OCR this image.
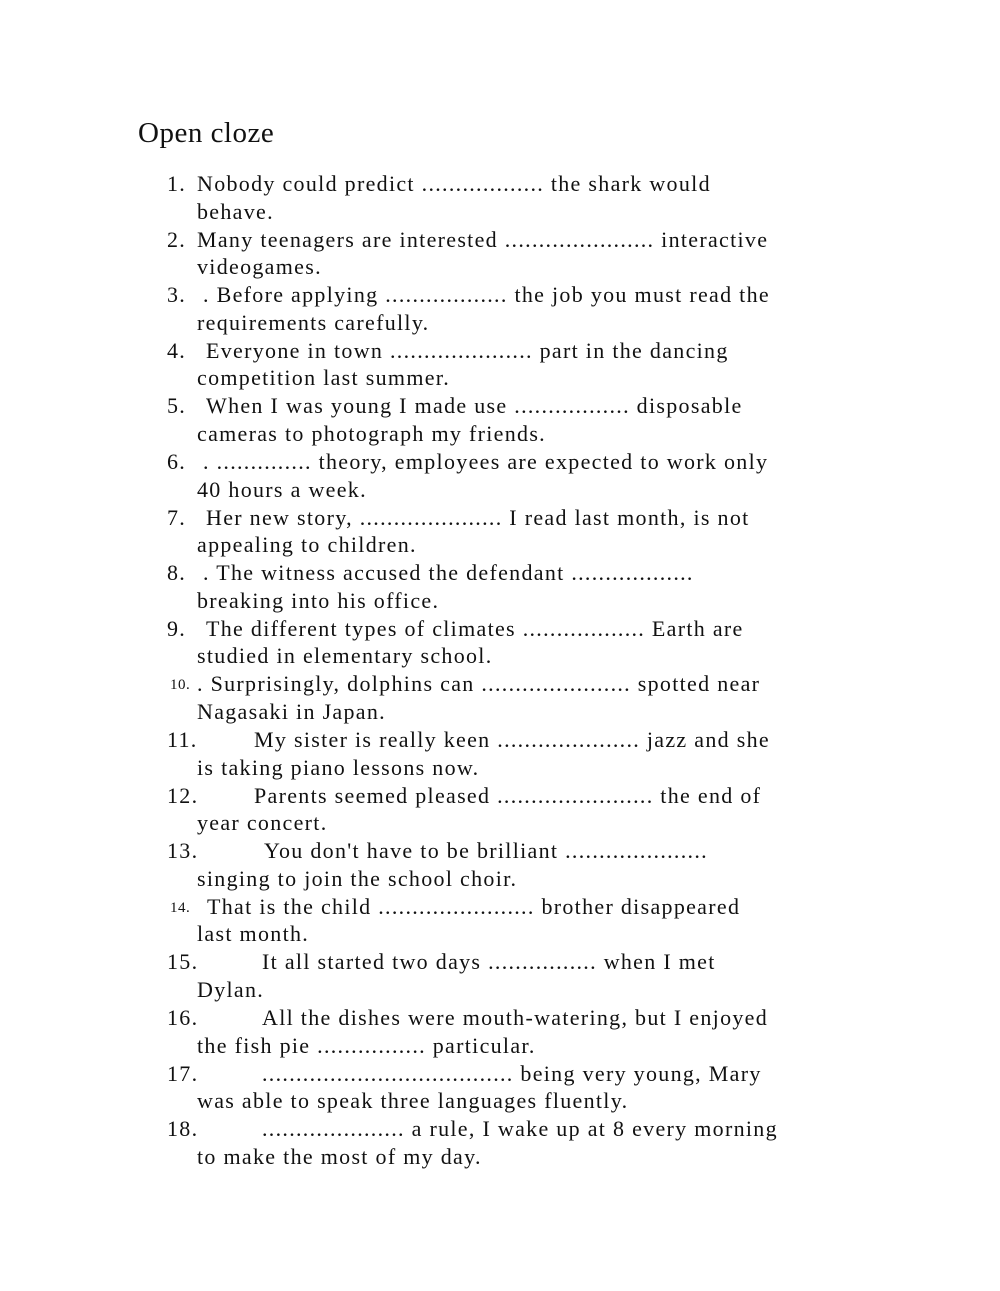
Open cloze
1. Nobody could predict .................. the shark would
behave.
2. Many teenagers are interested ...................... interactive
videogames.
3. . Before applying .................. the job you must read the
requirements carefully.
4. Everyone in town ..................... part in the dancing
competition last summer.
5. When I was young I made use ................. disposable
cameras to photograph my friends.
6. . .............. theory, employees are expected to work only
40 hours a week.
7. Her new story, ..................... I read last month, is not
appealing to children.
8. . The witness accused the defendant ..................
breaking into his office.
9. The different types of climates .................. Earth are
studied in elementary school.
10. . Surprisingly, dolphins can ...................... spotted near
Nagasaki in Japan.
11.	My sister is really keen ..................... jazz and she
is taking piano lessons now.
12.	Parents seemed pleased ....................... the end of
year concert.
13.	You don't have to be brilliant .....................
singing to join the school choir.
14. That is the child ....................... brother disappeared
last month.
15.	It all started two days ................ when I met
Dylan.
16.	All the dishes were mouth-watering, but I enjoyed
the fish pie ................ particular.
17.	..................................... being very young, Mary
was able to speak three languages fluently.
18.	..................... a rule, I wake up at 8 every morning
to make the most of my day.
